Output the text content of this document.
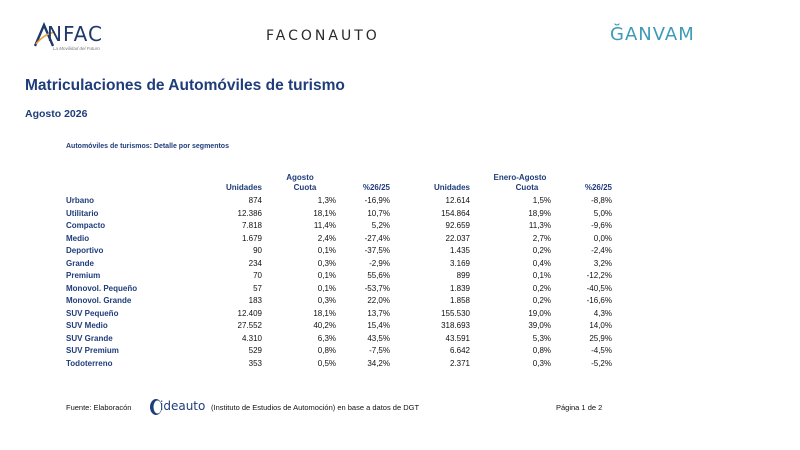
NFAC
La Movilidad del Futuro
FACONAUTO	ĞANVAM
Matriculaciones de Automóviles de turismo
Agosto 2026
Automóviles de turismos: Detalle por segmentos
Agosto	Enero-Agosto
Unidades	Cuota	%26/25	Unidades	Cuota	%26/25
Urbano	874	1,3%	-16,9%	12.614	1,5%	-8,8%
Utilitario	12.386	18,1%	10,7%	154.864	18,9%	5,0%
Compacto	7.818	11,4%	5,2%	92.659	11,3%	-9,6%
Medio	1.679	2,4%	-27,4%	22.037	2,7%	0,0%
Deportivo	90	0,1%	-37,5%	1.435	0,2%	-2,4%
Grande	234	0,3%	-2,9%	3.169	0,4%	3,2%
Premium	70	0,1%	55,6%	899	0,1%	-12,2%
Monovol. Pequeño	57	0,1%	-53,7%	1.839	0,2%	-40,5%
Monovol. Grande	183	0,3%	22,0%	1.858	0,2%	-16,6%
SUV Pequeño	12.409	18,1%	13,7%	155.530	19,0%	4,3%
SUV Medio	27.552	40,2%	15,4%	318.693	39,0%	14,0%
SUV Grande	4.310	6,3%	43,5%	43.591	5,3%	25,9%
SUV Premium	529	0,8%	-7,5%	6.642	0,8%	-4,5%
Todoterreno	353	0,5%	34,2%	2.371	0,3%	-5,2%
Fuente: Elaboracón ideauto (Instituto de Estudios de Automoción) en base a datos de DGT	Página 1 de 2
